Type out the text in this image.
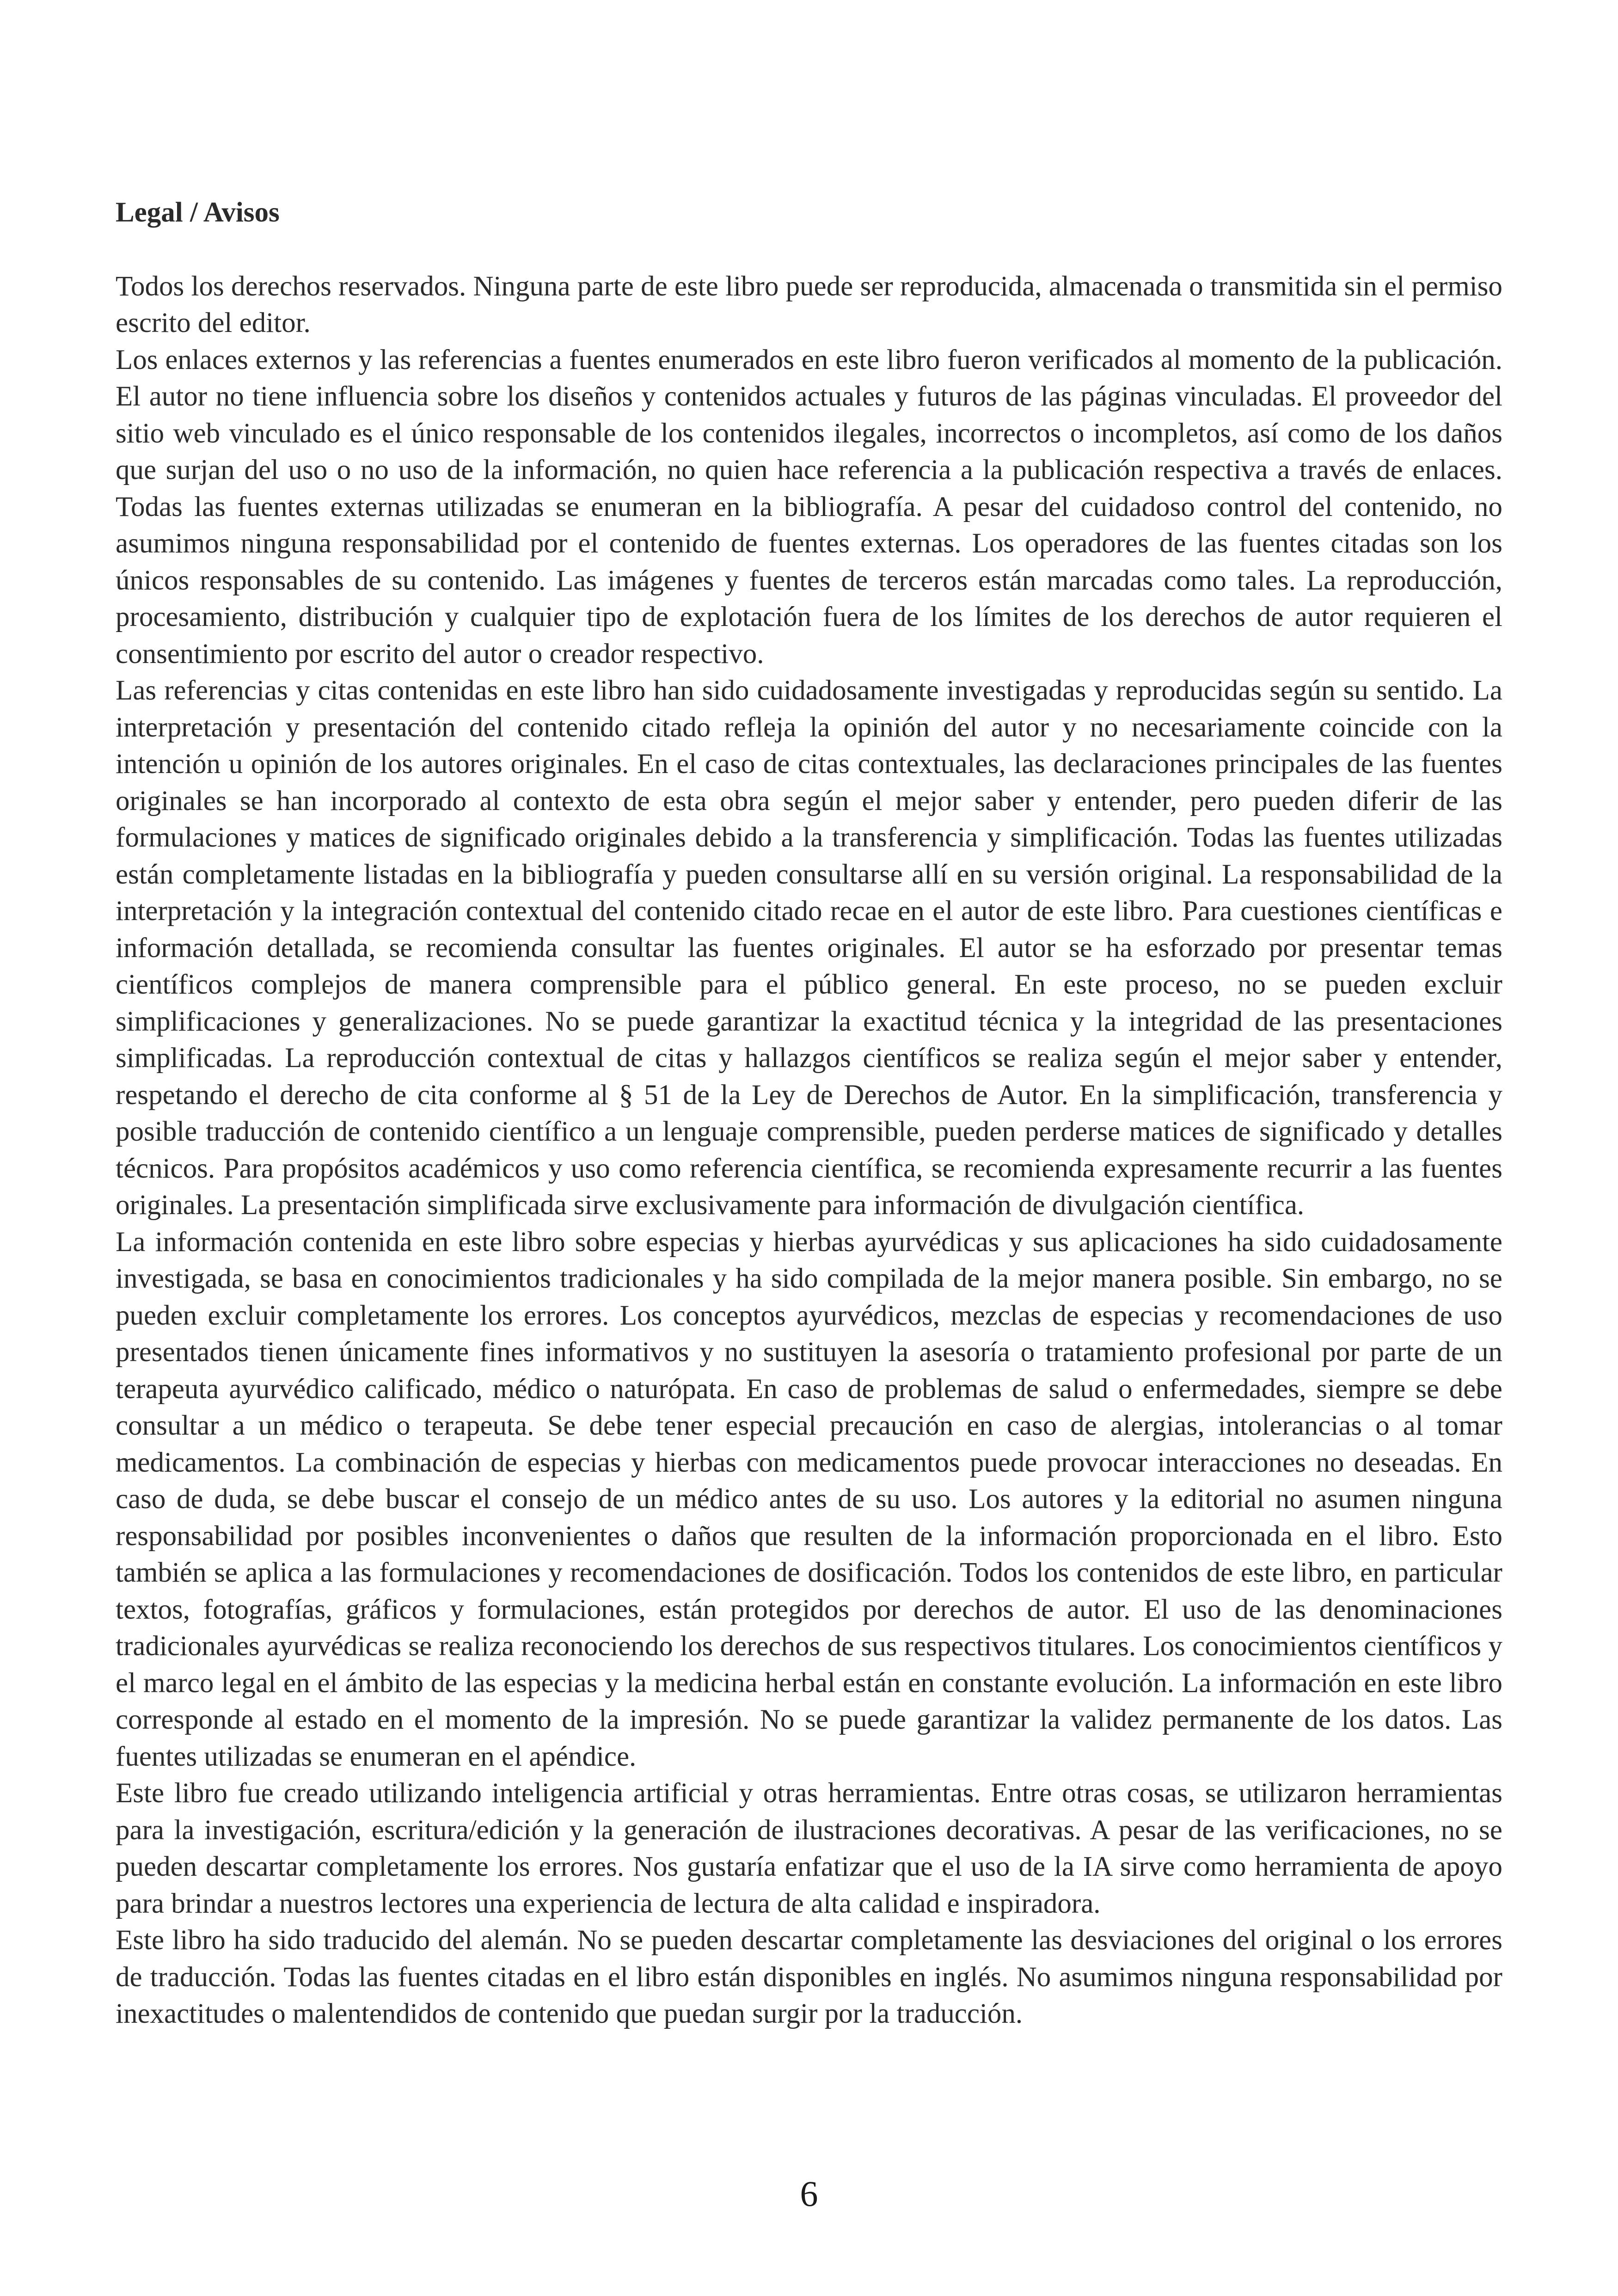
Legal / Avisos

Todos los derechos reservados. Ninguna parte de este libro puede ser reproducida, almacenada o transmitida sin el permiso escrito del editor.

Los enlaces externos y las referencias a fuentes enumerados en este libro fueron verificados al momento de la publicación. El autor no tiene influencia sobre los diseños y contenidos actuales y futuros de las páginas vinculadas. El proveedor del sitio web vinculado es el único responsable de los contenidos ilegales, incorrectos o incompletos, así como de los daños que surjan del uso o no uso de la información, no quien hace referencia a la publicación respectiva a través de enlaces. Todas las fuentes externas utilizadas se enumeran en la bibliografía. A pesar del cuidadoso control del contenido, no asumimos ninguna responsabilidad por el contenido de fuentes externas. Los operadores de las fuentes citadas son los únicos responsables de su contenido. Las imágenes y fuentes de terceros están marcadas como tales. La reproducción, procesamiento, distribución y cualquier tipo de explotación fuera de los límites de los derechos de autor requieren el consentimiento por escrito del autor o creador respectivo.

Las referencias y citas contenidas en este libro han sido cuidadosamente investigadas y reproducidas según su sentido. La interpretación y presentación del contenido citado refleja la opinión del autor y no necesariamente coincide con la intención u opinión de los autores originales. En el caso de citas contextuales, las declaraciones principales de las fuentes originales se han incorporado al contexto de esta obra según el mejor saber y entender, pero pueden diferir de las formulaciones y matices de significado originales debido a la transferencia y simplificación. Todas las fuentes utilizadas están completamente listadas en la bibliografía y pueden consultarse allí en su versión original. La responsabilidad de la interpretación y la integración contextual del contenido citado recae en el autor de este libro. Para cuestiones científicas e información detallada, se recomienda consultar las fuentes originales. El autor se ha esforzado por presentar temas científicos complejos de manera comprensible para el público general. En este proceso, no se pueden excluir simplificaciones y generalizaciones. No se puede garantizar la exactitud técnica y la integridad de las presentaciones simplificadas. La reproducción contextual de citas y hallazgos científicos se realiza según el mejor saber y entender, respetando el derecho de cita conforme al § 51 de la Ley de Derechos de Autor. En la simplificación, transferencia y posible traducción de contenido científico a un lenguaje comprensible, pueden perderse matices de significado y detalles técnicos. Para propósitos académicos y uso como referencia científica, se recomienda expresamente recurrir a las fuentes originales. La presentación simplificada sirve exclusivamente para información de divulgación científica.

La información contenida en este libro sobre especias y hierbas ayurvédicas y sus aplicaciones ha sido cuidadosamente investigada, se basa en conocimientos tradicionales y ha sido compilada de la mejor manera posible. Sin embargo, no se pueden excluir completamente los errores. Los conceptos ayurvédicos, mezclas de especias y recomendaciones de uso presentados tienen únicamente fines informativos y no sustituyen la asesoría o tratamiento profesional por parte de un terapeuta ayurvédico calificado, médico o naturópata. En caso de problemas de salud o enfermedades, siempre se debe consultar a un médico o terapeuta. Se debe tener especial precaución en caso de alergias, intolerancias o al tomar medicamentos. La combinación de especias y hierbas con medicamentos puede provocar interacciones no deseadas. En caso de duda, se debe buscar el consejo de un médico antes de su uso. Los autores y la editorial no asumen ninguna responsabilidad por posibles inconvenientes o daños que resulten de la información proporcionada en el libro. Esto también se aplica a las formulaciones y recomendaciones de dosificación. Todos los contenidos de este libro, en particular textos, fotografías, gráficos y formulaciones, están protegidos por derechos de autor. El uso de las denominaciones tradicionales ayurvédicas se realiza reconociendo los derechos de sus respectivos titulares. Los conocimientos científicos y el marco legal en el ámbito de las especias y la medicina herbal están en constante evolución. La información en este libro corresponde al estado en el momento de la impresión. No se puede garantizar la validez permanente de los datos. Las fuentes utilizadas se enumeran en el apéndice.

Este libro fue creado utilizando inteligencia artificial y otras herramientas. Entre otras cosas, se utilizaron herramientas para la investigación, escritura/edición y la generación de ilustraciones decorativas. A pesar de las verificaciones, no se pueden descartar completamente los errores. Nos gustaría enfatizar que el uso de la IA sirve como herramienta de apoyo para brindar a nuestros lectores una experiencia de lectura de alta calidad e inspiradora.

Este libro ha sido traducido del alemán. No se pueden descartar completamente las desviaciones del original o los errores de traducción. Todas las fuentes citadas en el libro están disponibles en inglés. No asumimos ninguna responsabilidad por inexactitudes o malentendidos de contenido que puedan surgir por la traducción.

6
